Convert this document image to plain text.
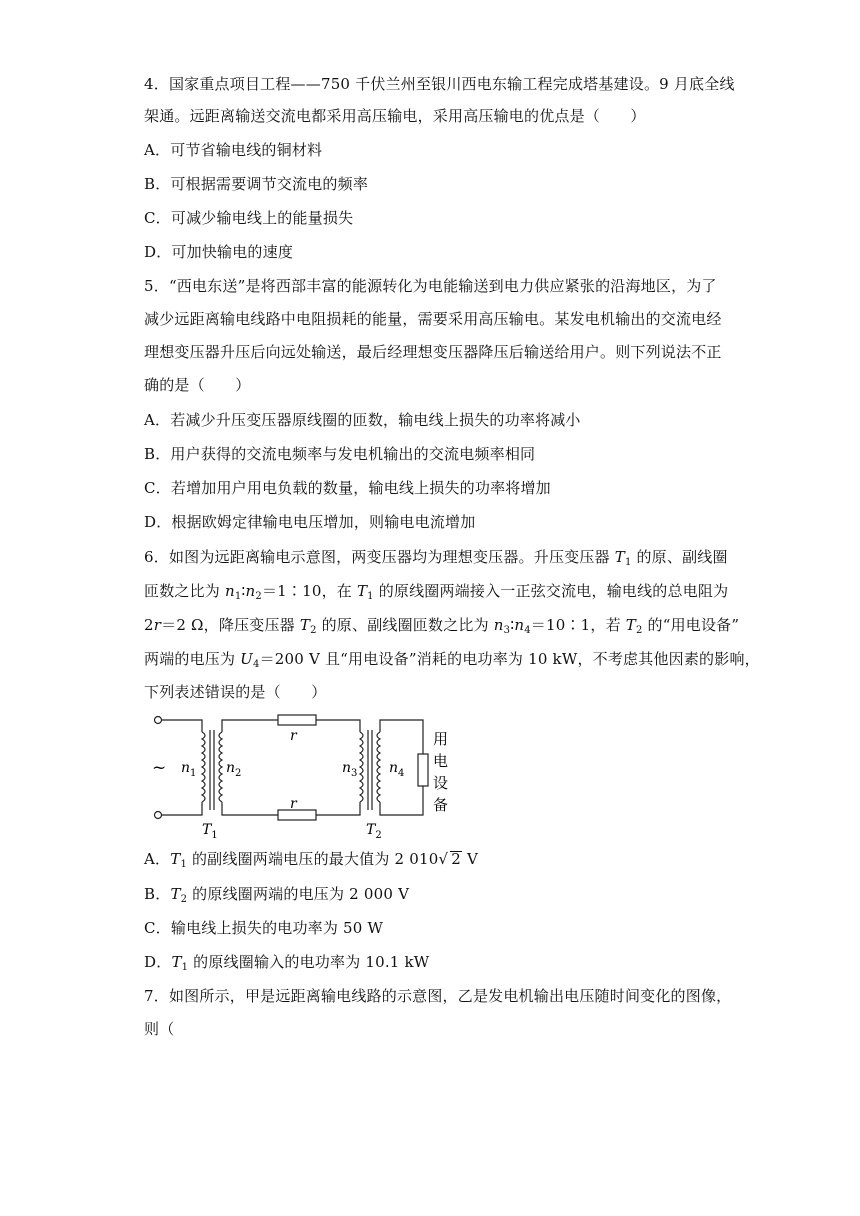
4．国家重点项目工程——750 千伏兰州至银川西电东输工程完成塔基建设。9 月底全线
架通。远距离输送交流电都采用高压输电，采用高压输电的优点是（　　）
A．可节省输电线的铜材料
B．可根据需要调节交流电的频率
C．可减少输电线上的能量损失
D．可加快输电的速度
5．“西电东送”是将西部丰富的能源转化为电能输送到电力供应紧张的沿海地区，为了
减少远距离输电线路中电阻损耗的能量，需要采用高压输电。某发电机输出的交流电经
理想变压器升压后向远处输送，最后经理想变压器降压后输送给用户。则下列说法不正
确的是（　　）
A．若减少升压变压器原线圈的匝数，输电线上损失的功率将减小
B．用户获得的交流电频率与发电机输出的交流电频率相同
C．若增加用户用电负载的数量，输电线上损失的功率将增加
D．根据欧姆定律输电电压增加，则输电电流增加
6．如图为远距离输电示意图，两变压器均为理想变压器。升压变压器 $T_1$ 的原、副线圈
匝数之比为 $n_1∶n_2=1∶10$，在 $T_1$ 的原线圈两端接入一正弦交流电，输电线的总电阻为
2r＝2 Ω，降压变压器 $T_2$ 的原、副线圈匝数之比为 $n_3∶n_4=10∶1$，若 $T_2$ 的“用电设备”
两端的电压为 $U_4=200$ V 且“用电设备”消耗的电功率为 10 kW，不考虑其他因素的影响，
下列表述错误的是（　　）
~
r
r
$n_1$ $n_2$	$n_3$ $n_4$
$T_1$	$T_2$
用
电
设
备
A．$T_1$ 的副线圈两端电压的最大值为 2 010√ 2 V
B．$T_2$ 的原线圈两端的电压为 2 000 V
C．输电线上损失的电功率为 50 W
D．$T_1$ 的原线圈输入的电功率为 10.1 kW
7．如图所示，甲是远距离输电线路的示意图，乙是发电机输出电压随时间变化的图像，
则（
